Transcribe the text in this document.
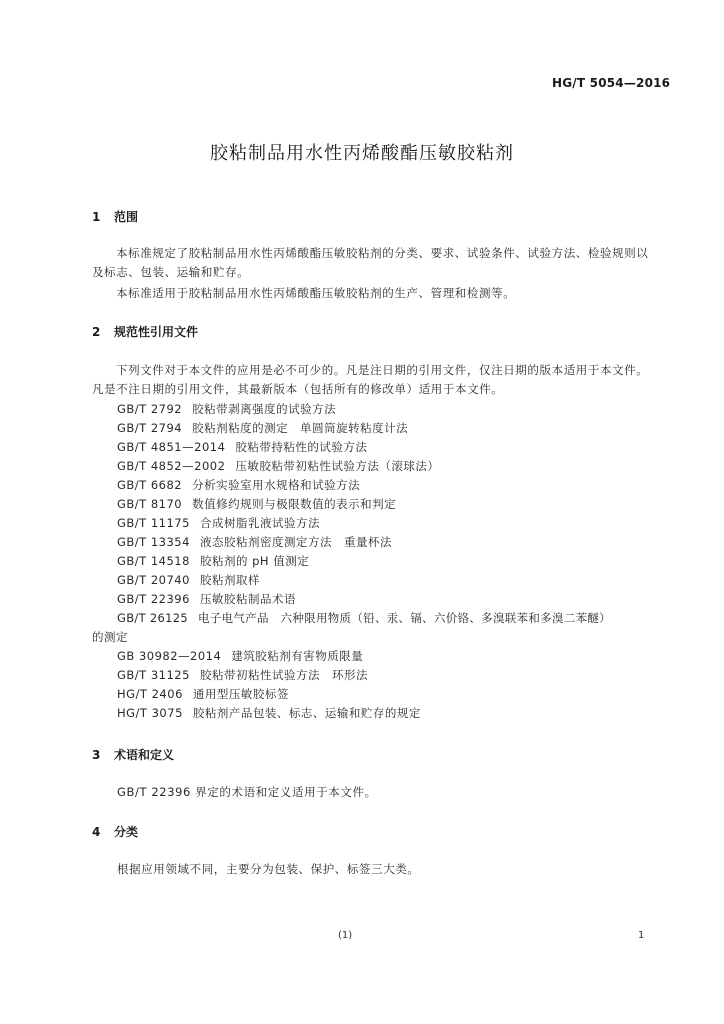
HG/T 5054—2016
胶粘制品用水性丙烯酸酯压敏胶粘剂
1 范围
本标准规定了胶粘制品用水性丙烯酸酯压敏胶粘剂的分类、要求、试验条件、试验方法、检验规则以及标志、包装、运输和贮存。
本标准适用于胶粘制品用水性丙烯酸酯压敏胶粘剂的生产、管理和检测等。
2 规范性引用文件
下列文件对于本文件的应用是必不可少的。凡是注日期的引用文件，仅注日期的版本适用于本文件。凡是不注日期的引用文件，其最新版本（包括所有的修改单）适用于本文件。
GB/T 2792 胶粘带剥离强度的试验方法
GB/T 2794 胶粘剂粘度的测定　单圆筒旋转粘度计法
GB/T 4851—2014 胶粘带持粘性的试验方法
GB/T 4852—2002 压敏胶粘带初粘性试验方法（滚球法）
GB/T 6682 分析实验室用水规格和试验方法
GB/T 8170 数值修约规则与极限数值的表示和判定
GB/T 11175 合成树脂乳液试验方法
GB/T 13354 液态胶粘剂密度测定方法　重量杯法
GB/T 14518 胶粘剂的 pH 值测定
GB/T 20740 胶粘剂取样
GB/T 22396 压敏胶粘制品术语
GB/T 26125 电子电气产品　六种限用物质（铅、汞、镉、六价铬、多溴联苯和多溴二苯醚）
的测定
GB 30982—2014 建筑胶粘剂有害物质限量
GB/T 31125 胶粘带初粘性试验方法　环形法
HG/T 2406 通用型压敏胶标签
HG/T 3075 胶粘剂产品包装、标志、运输和贮存的规定
3 术语和定义
GB/T 22396 界定的术语和定义适用于本文件。
4 分类
根据应用领域不同，主要分为包装、保护、标签三大类。
(1)	1
